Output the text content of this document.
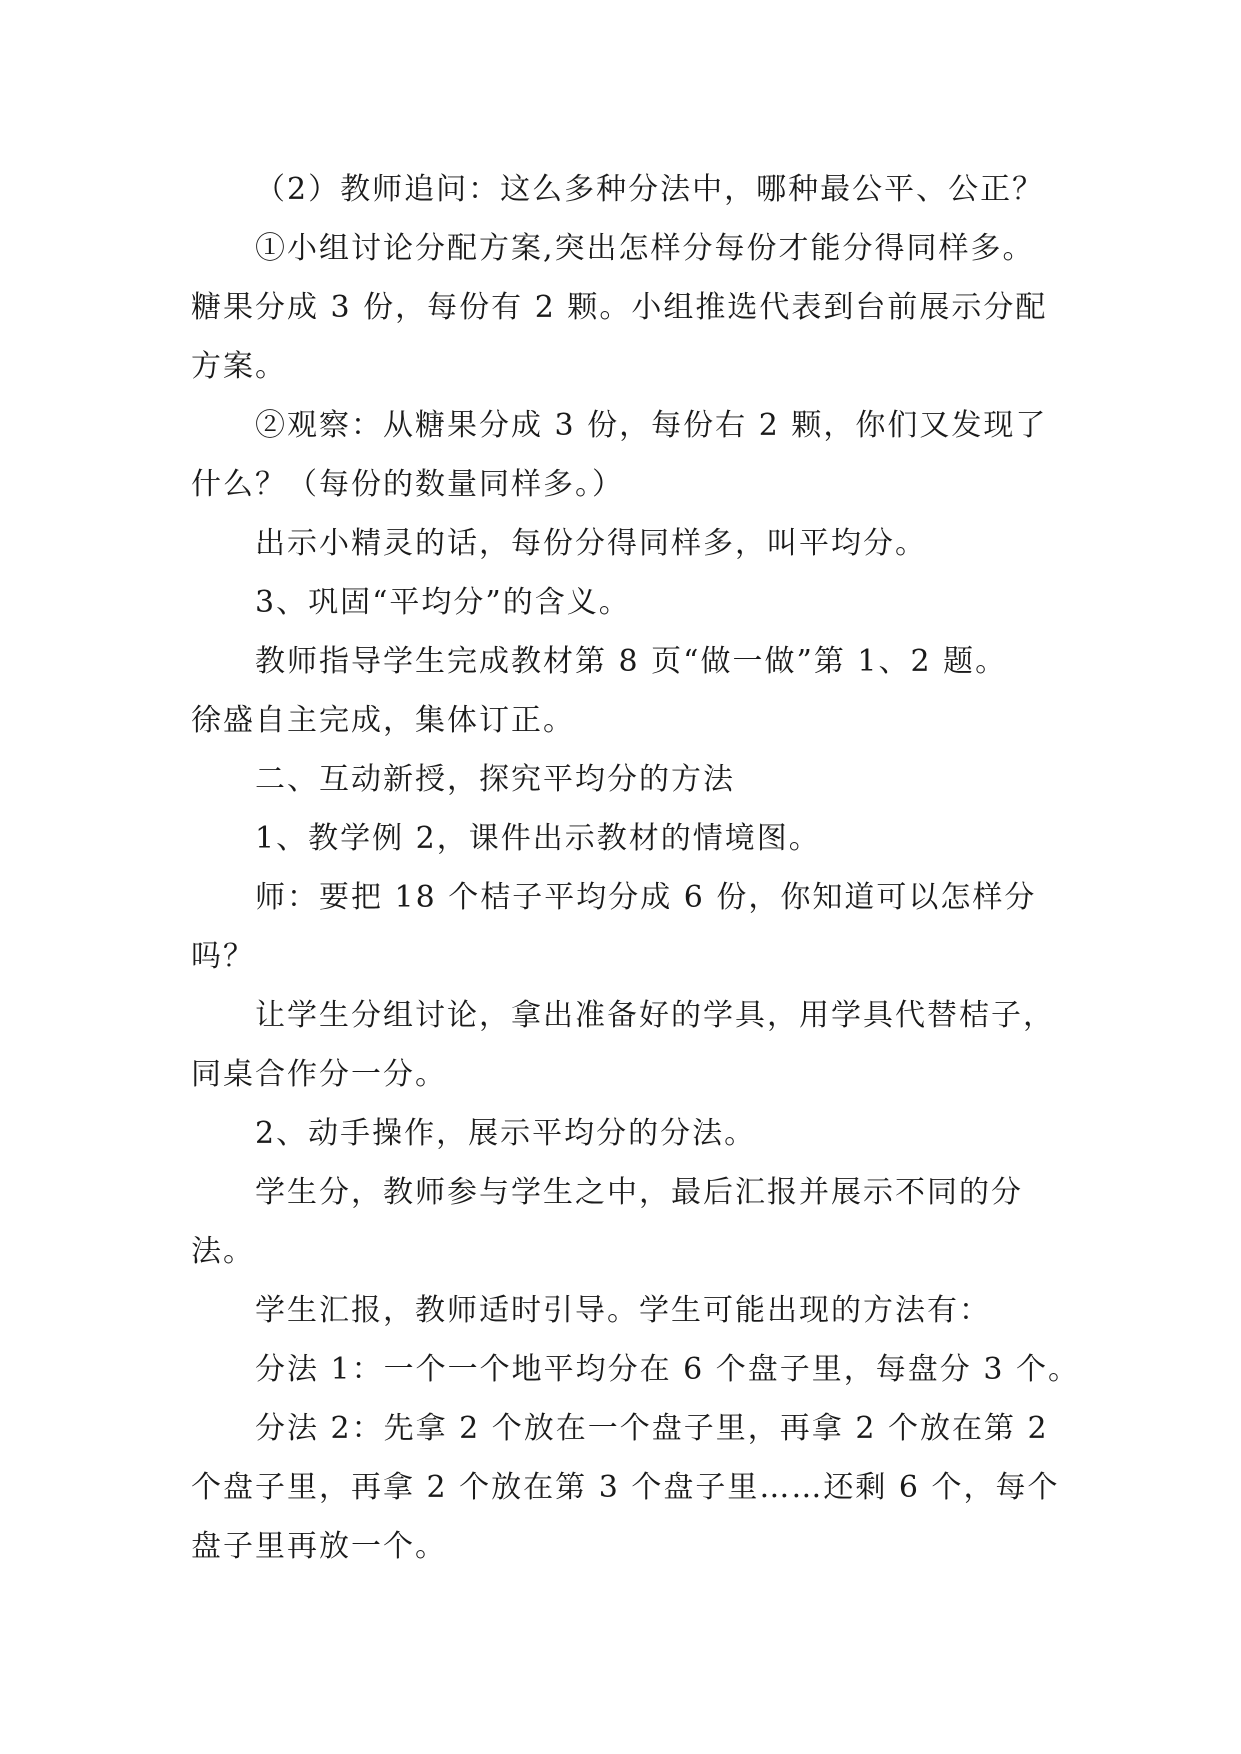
（2）教师追问：这么多种分法中，哪种最公平、公正？

①小组讨论分配方案,突出怎样分每份才能分得同样多。

糖果分成 3 份，每份有 2 颗。小组推选代表到台前展示分配

方案。

②观察：从糖果分成 3 份，每份右 2 颗，你们又发现了

什么？（每份的数量同样多。）

出示小精灵的话，每份分得同样多，叫平均分。

3、巩固“平均分”的含义。

教师指导学生完成教材第 8 页“做一做”第 1、2 题。

徐盛自主完成，集体订正。

二、互动新授，探究平均分的方法

1、教学例 2，课件出示教材的情境图。

师：要把 18 个桔子平均分成 6 份，你知道可以怎样分

吗？

让学生分组讨论，拿出准备好的学具，用学具代替桔子，

同桌合作分一分。

2、动手操作，展示平均分的分法。

学生分，教师参与学生之中，最后汇报并展示不同的分

法。

学生汇报，教师适时引导。学生可能出现的方法有：

分法 1：一个一个地平均分在 6 个盘子里，每盘分 3 个。

分法 2：先拿 2 个放在一个盘子里，再拿 2 个放在第 2

个盘子里，再拿 2 个放在第 3 个盘子里……还剩 6 个，每个

盘子里再放一个。
